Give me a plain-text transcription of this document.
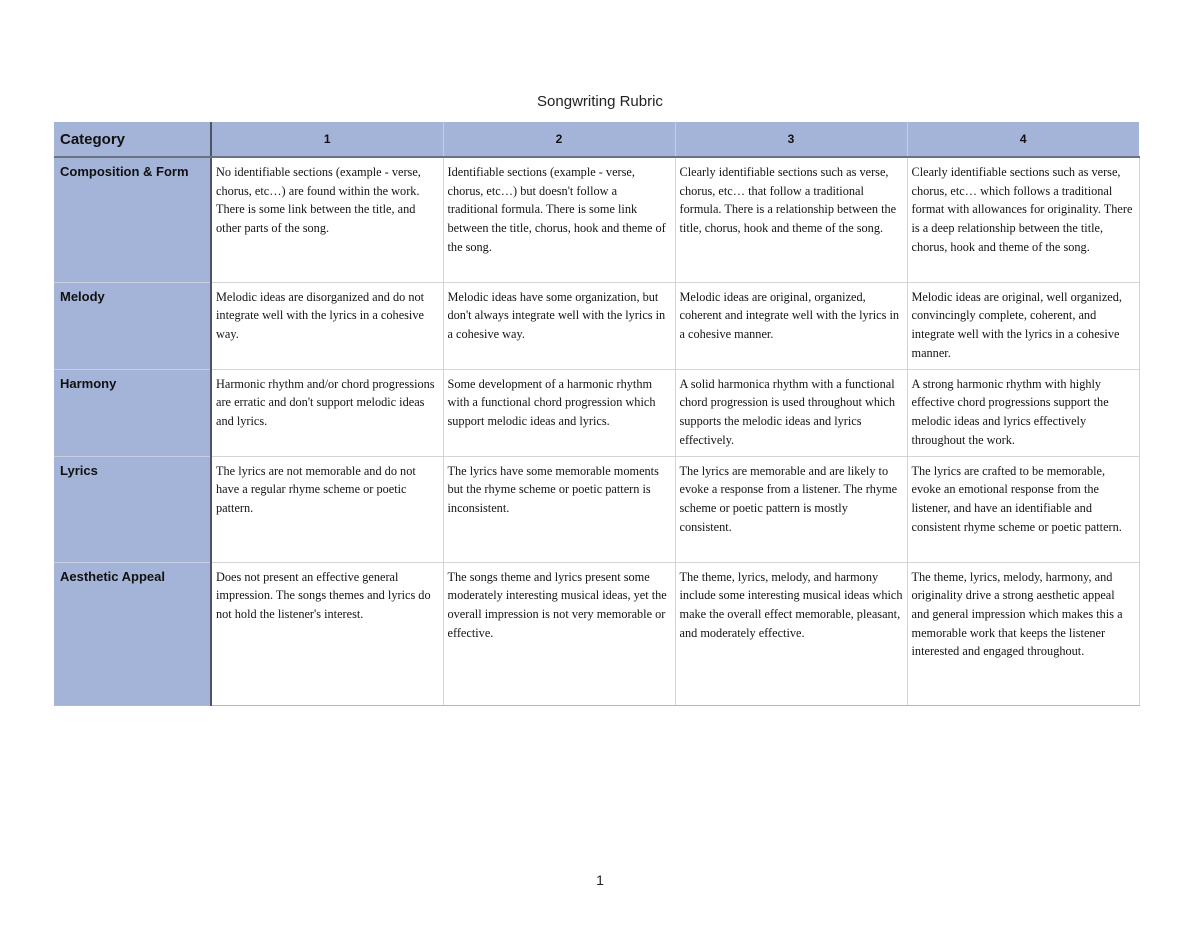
Songwriting Rubric
Category	1	2	3	4
Composition & Form	No identifiable sections (example - verse, chorus, etc…) are found within the work. There is some link between the title, and other parts of the song.	Identifiable sections (example - verse, chorus, etc…) but doesn't follow a traditional formula. There is some link between the title, chorus, hook and theme of the song.	Clearly identifiable sections such as verse, chorus, etc… that follow a traditional formula. There is a relationship between the title, chorus, hook and theme of the song.	Clearly identifiable sections such as verse, chorus, etc… which follows a traditional format with allowances for originality. There is a deep relationship between the title, chorus, hook and theme of the song.
Melody	Melodic ideas are disorganized and do not integrate well with the lyrics in a cohesive way.	Melodic ideas have some organization, but don't always integrate well with the lyrics in a cohesive way.	Melodic ideas are original, organized, coherent and integrate well with the lyrics in a cohesive manner.	Melodic ideas are original, well organized, convincingly complete, coherent, and integrate well with the lyrics in a cohesive manner.
Harmony	Harmonic rhythm and/or chord progressions are erratic and don't support melodic ideas and lyrics.	Some development of a harmonic rhythm with a functional chord progression which support melodic ideas and lyrics.	A solid harmonica rhythm with a functional chord progression is used throughout which supports the melodic ideas and lyrics effectively.	A strong harmonic rhythm with highly effective chord progressions support the melodic ideas and lyrics effectively throughout the work.
Lyrics	The lyrics are not memorable and do not have a regular rhyme scheme or poetic pattern.	The lyrics have some memorable moments but the rhyme scheme or poetic pattern is inconsistent.	The lyrics are memorable and are likely to evoke a response from a listener. The rhyme scheme or poetic pattern is mostly consistent.	The lyrics are crafted to be memorable, evoke an emotional response from the listener, and have an identifiable and consistent rhyme scheme or poetic pattern.
Aesthetic Appeal	Does not present an effective general impression. The songs themes and lyrics do not hold the listener's interest.	The songs theme and lyrics present some moderately interesting musical ideas, yet the overall impression is not very memorable or effective.	The theme, lyrics, melody, and harmony include some interesting musical ideas which make the overall effect memorable, pleasant, and moderately effective.	The theme, lyrics, melody, harmony, and originality drive a strong aesthetic appeal and general impression which makes this a memorable work that keeps the listener interested and engaged throughout.
1
